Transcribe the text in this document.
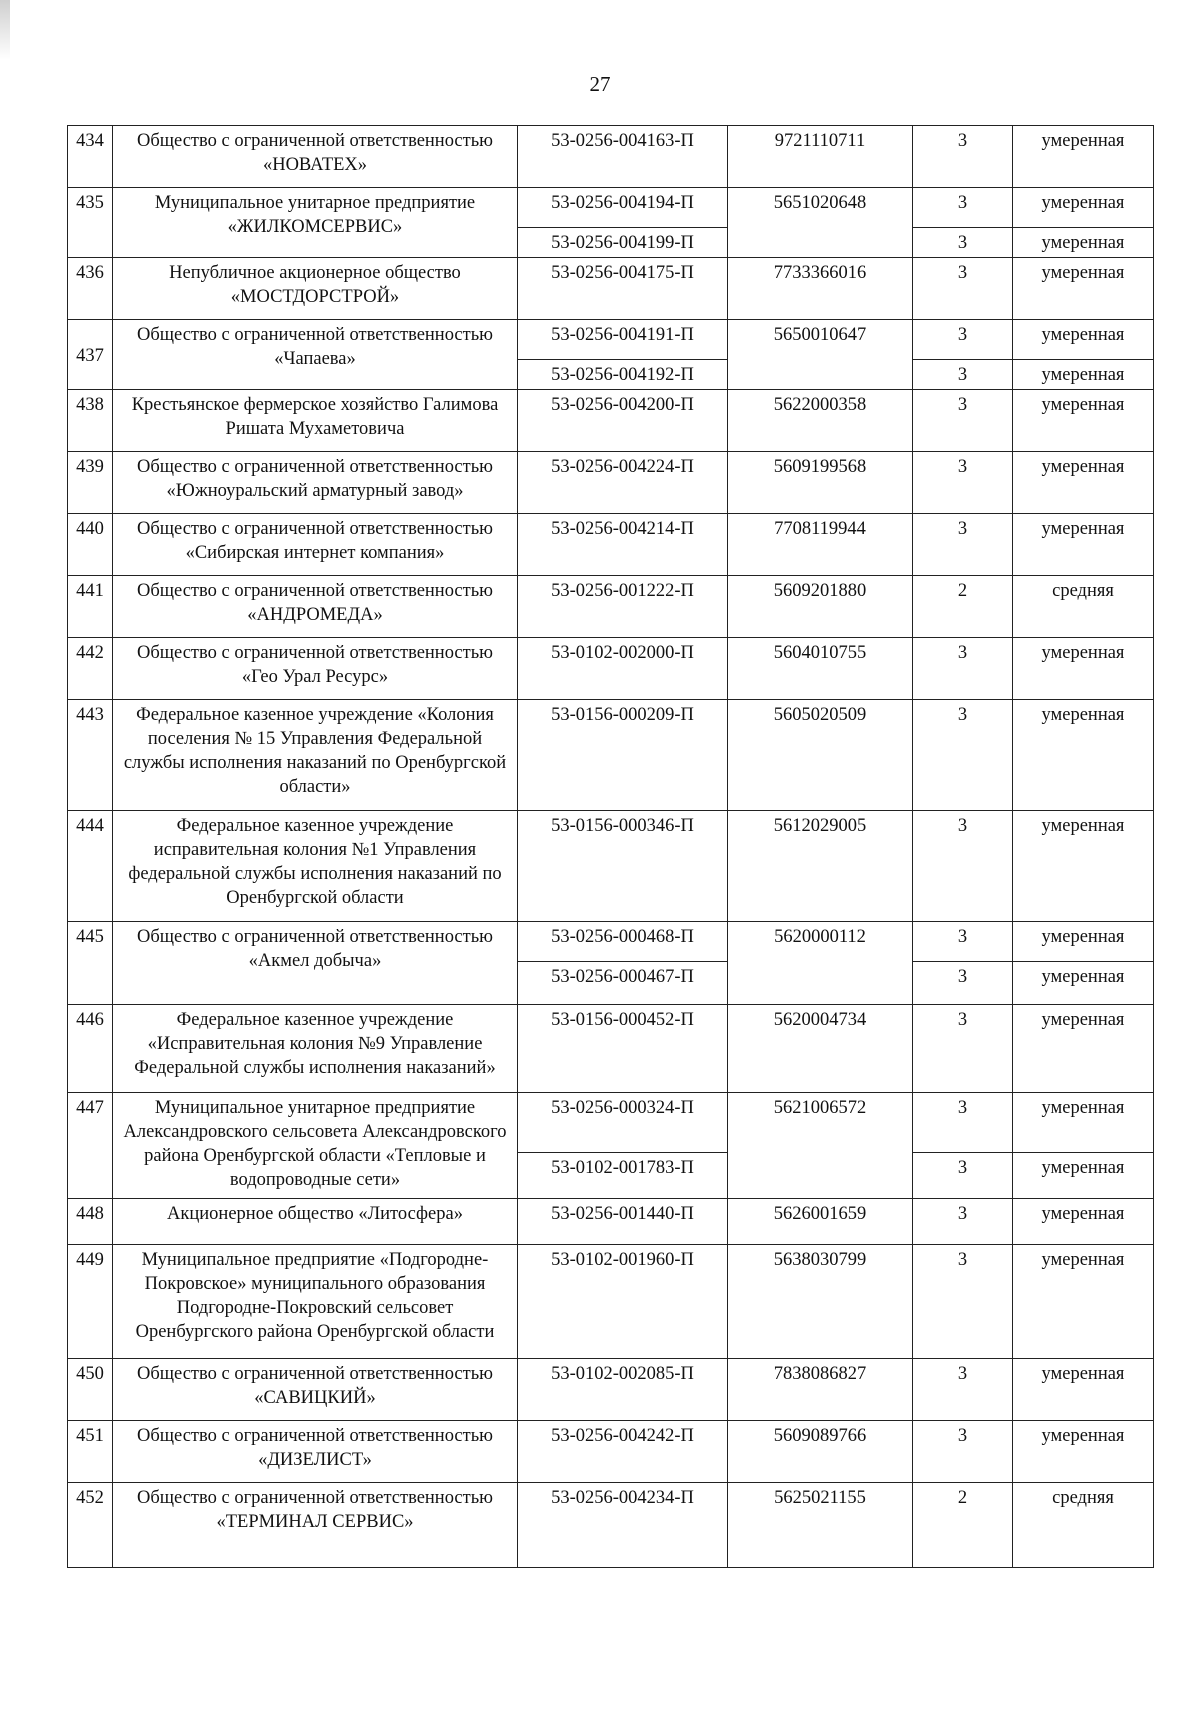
27
434	Общество с ограниченной ответственностью «НОВАТЕХ»	53-0256-004163-П	9721110711	3	умеренная
435	Муниципальное унитарное предприятие «ЖИЛКОМСЕРВИС»	53-0256-004194-П	5651020648	3	умеренная
		53-0256-004199-П		3	умеренная
436	Непубличное акционерное общество «МОСТДОРСТРОЙ»	53-0256-004175-П	7733366016	3	умеренная
437	Общество с ограниченной ответственностью «Чапаева»	53-0256-004191-П	5650010647	3	умеренная
		53-0256-004192-П		3	умеренная
438	Крестьянское фермерское хозяйство Галимова Ришата Мухаметовича	53-0256-004200-П	5622000358	3	умеренная
439	Общество с ограниченной ответственностью «Южноуральский арматурный завод»	53-0256-004224-П	5609199568	3	умеренная
440	Общество с ограниченной ответственностью «Сибирская интернет компания»	53-0256-004214-П	7708119944	3	умеренная
441	Общество с ограниченной ответственностью «АНДРОМЕДА»	53-0256-001222-П	5609201880	2	средняя
442	Общество с ограниченной ответственностью «Гео Урал Ресурс»	53-0102-002000-П	5604010755	3	умеренная
443	Федеральное казенное учреждение «Колония поселения № 15 Управления Федеральной службы исполнения наказаний по Оренбургской области»	53-0156-000209-П	5605020509	3	умеренная
444	Федеральное казенное учреждение исправительная колония №1 Управления федеральной службы исполнения наказаний по Оренбургской области	53-0156-000346-П	5612029005	3	умеренная
445	Общество с ограниченной ответственностью «Акмел добыча»	53-0256-000468-П	5620000112	3	умеренная
		53-0256-000467-П		3	умеренная
446	Федеральное казенное учреждение «Исправительная колония №9 Управление Федеральной службы исполнения наказаний»	53-0156-000452-П	5620004734	3	умеренная
447	Муниципальное унитарное предприятие Александровского сельсовета Александровского района Оренбургской области «Тепловые и водопроводные сети»	53-0256-000324-П	5621006572	3	умеренная
		53-0102-001783-П		3	умеренная
448	Акционерное общество «Литосфера»	53-0256-001440-П	5626001659	3	умеренная
449	Муниципальное предприятие «Подгородне-Покровское» муниципального образования Подгородне-Покровский сельсовет Оренбургского района Оренбургской области	53-0102-001960-П	5638030799	3	умеренная
450	Общество с ограниченной ответственностью «САВИЦКИЙ»	53-0102-002085-П	7838086827	3	умеренная
451	Общество с ограниченной ответственностью «ДИЗЕЛИСТ»	53-0256-004242-П	5609089766	3	умеренная
452	Общество с ограниченной ответственностью «ТЕРМИНАЛ СЕРВИС»	53-0256-004234-П	5625021155	2	средняя
